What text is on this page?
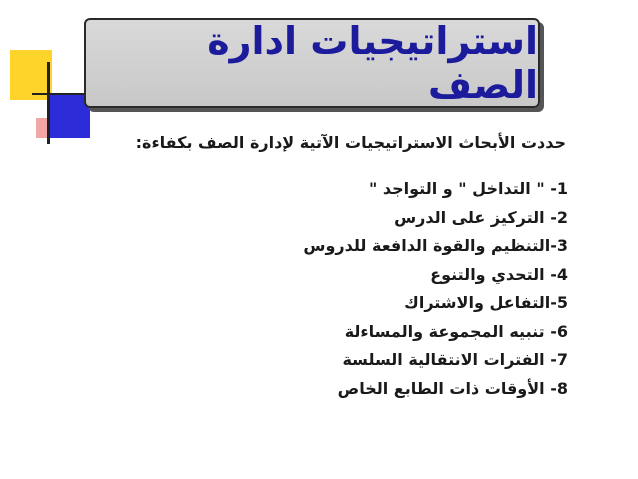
استراتيجيات ادارة الصف
حددت الأبحاث الاستراتيجيات الآتية لإدارة الصف بكفاءة:
1- " التداخل " و التواجد "
2- التركيز على الدرس
3-التنظيم والقوة الدافعة للدروس
4- التحدي والتنوع
5-التفاعل والاشتراك
6- تنبيه المجموعة والمساءلة
7- الفترات الانتقالية السلسة
8- الأوقات ذات الطابع الخاص
